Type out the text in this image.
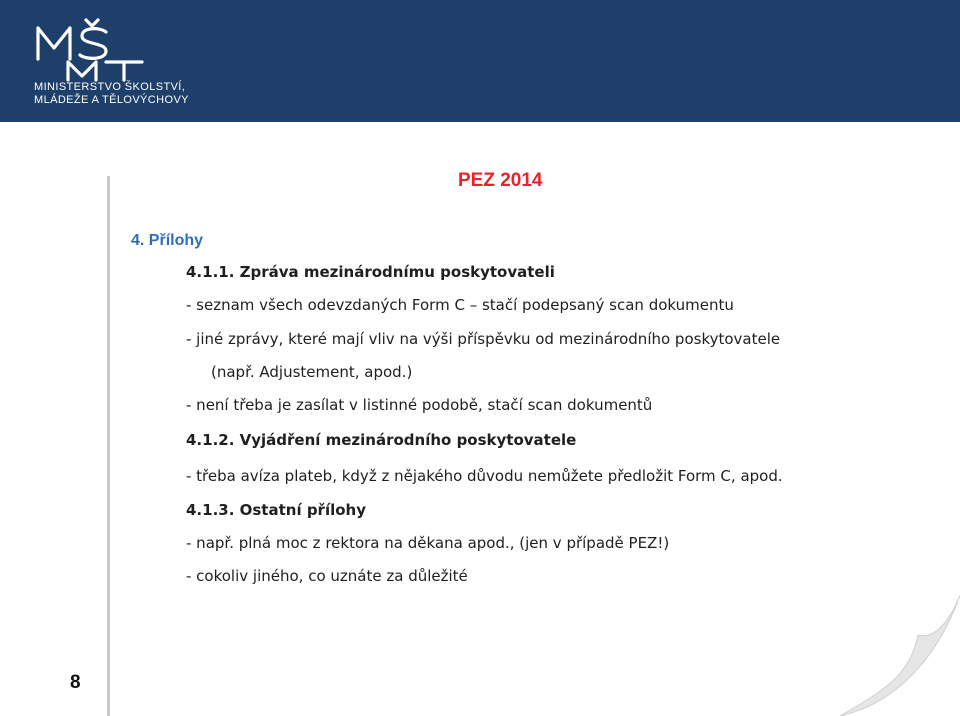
MINISTERSTVO ŠKOLSTVÍ,
MLÁDEŽE A TĚLOVÝCHOVY
PEZ 2014
4. Přílohy
4.1.1. Zpráva mezinárodnímu poskytovateli
- seznam všech odevzdaných Form C – stačí podepsaný scan dokumentu
- jiné zprávy, které mají vliv na výši příspěvku od mezinárodního poskytovatele
(např. Adjustement, apod.)
- není třeba je zasílat v listinné podobě, stačí scan dokumentů
4.1.2. Vyjádření mezinárodního poskytovatele
- třeba avíza plateb, když z nějakého důvodu nemůžete předložit Form C, apod.
4.1.3. Ostatní přílohy
- např. plná moc z rektora na děkana apod., (jen v případě PEZ!)
- cokoliv jiného, co uznáte za důležité
8
